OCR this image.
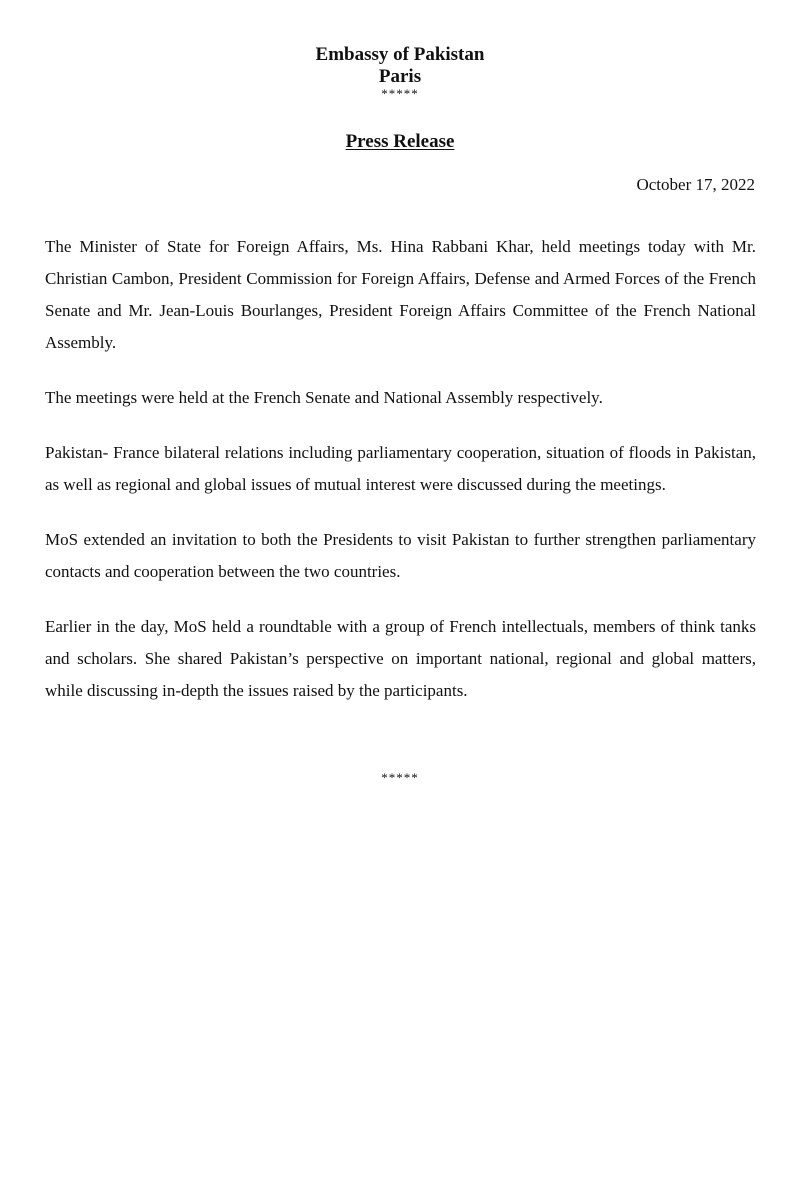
Embassy of Pakistan
Paris
*****
Press Release
October 17, 2022

The Minister of State for Foreign Affairs, Ms. Hina Rabbani Khar, held meetings today with Mr. Christian Cambon, President Commission for Foreign Affairs, Defense and Armed Forces of the French Senate and Mr. Jean-Louis Bourlanges, President Foreign Affairs Committee of the French National Assembly.

The meetings were held at the French Senate and National Assembly respectively.

Pakistan- France bilateral relations including parliamentary cooperation, situation of floods in Pakistan, as well as regional and global issues of mutual interest were discussed during the meetings.

MoS extended an invitation to both the Presidents to visit Pakistan to further strengthen parliamentary contacts and cooperation between the two countries.

Earlier in the day, MoS held a roundtable with a group of French intellectuals, members of think tanks and scholars. She shared Pakistan’s perspective on important national, regional and global matters, while discussing in-depth the issues raised by the participants.

*****
